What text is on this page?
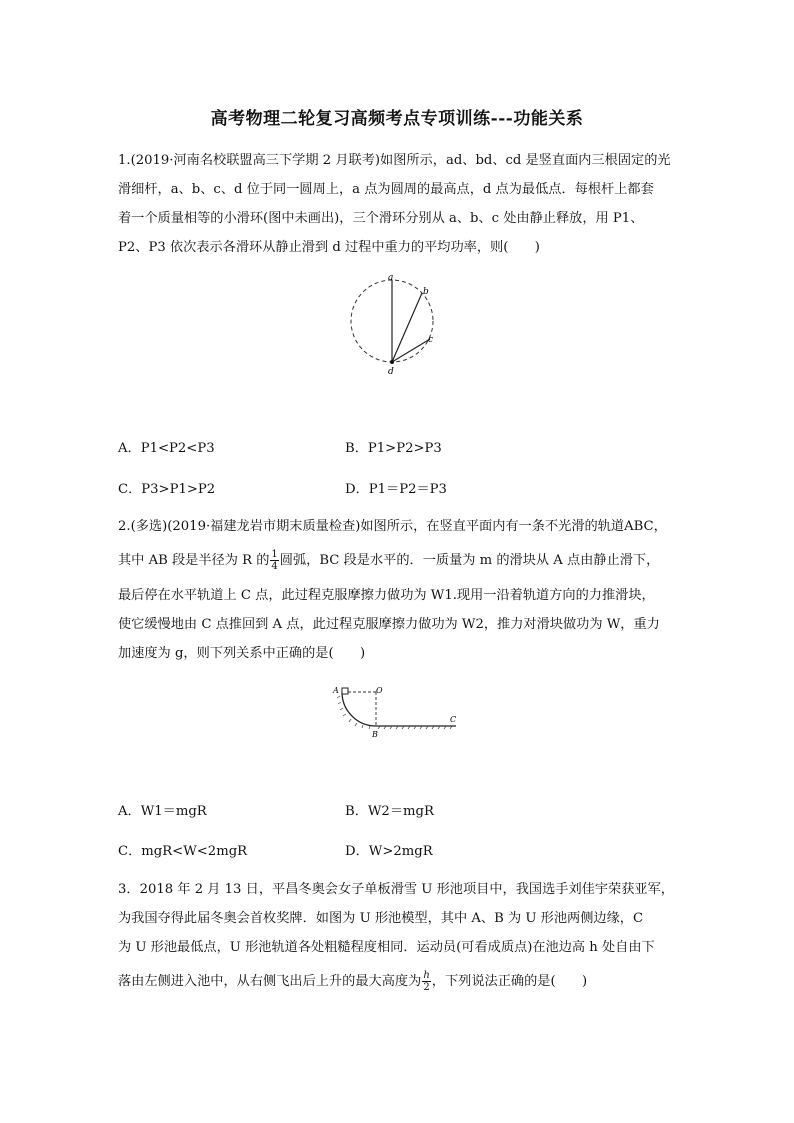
高考物理二轮复习高频考点专项训练---功能关系
1.(2019·河南名校联盟高三下学期 2 月联考)如图所示，ad、bd、cd 是竖直面内三根固定的光
滑细杆，a、b、c、d 位于同一圆周上，a 点为圆周的最高点，d 点为最低点．每根杆上都套
着一个质量相等的小滑环(图中未画出)，三个滑环分别从 a、b、c 处由静止释放，用 P1、
P2、P3 依次表示各滑环从静止滑到 d 过程中重力的平均功率，则(　　)
a
b
c
d
A．P1<P2<P3	B．P1>P2>P3
C．P3>P1>P2	D．P1＝P2＝P3
2.(多选)(2019·福建龙岩市期末质量检查)如图所示，在竖直平面内有一条不光滑的轨道ABC，
其中 AB 段是半径为 R 的 $\frac{1}{4}$ 圆弧，BC 段是水平的．一质量为 m 的滑块从 A 点由静止滑下，
最后停在水平轨道上 C 点，此过程克服摩擦力做功为 W1.现用一沿着轨道方向的力推滑块，
使它缓慢地由 C 点推回到 A 点，此过程克服摩擦力做功为 W2，推力对滑块做功为 W，重力
加速度为 g，则下列关系中正确的是(　　)
A	O
B
C
A．W1＝mgR	B．W2＝mgR
C．mgR<W<2mgR	D．W>2mgR
3．2018 年 2 月 13 日，平昌冬奥会女子单板滑雪 U 形池项目中，我国选手刘佳宇荣获亚军，
为我国夺得此届冬奥会首枚奖牌．如图为 U 形池模型，其中 A、B 为 U 形池两侧边缘，C
为 U 形池最低点，U 形池轨道各处粗糙程度相同．运动员(可看成质点)在池边高 h 处自由下
落由左侧进入池中，从右侧飞出后上升的最大高度为 $\frac{h}{2}$ ，下列说法正确的是(　　)
